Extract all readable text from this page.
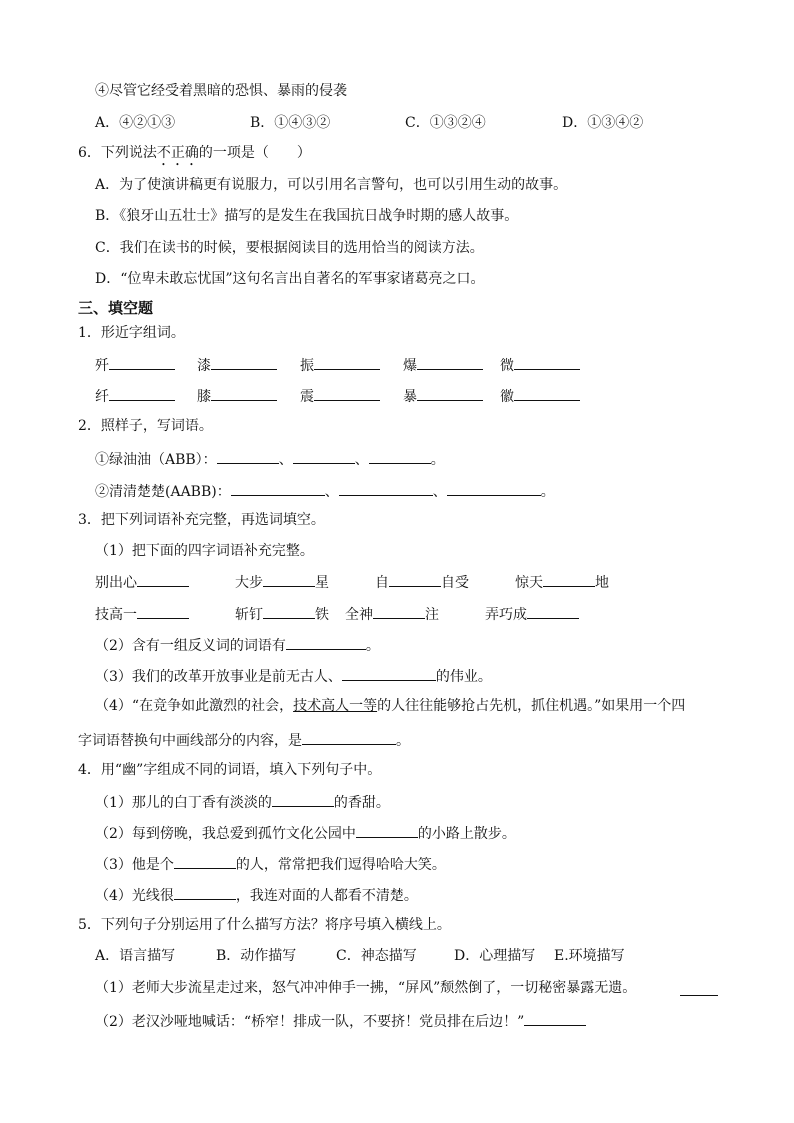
④尽管它经受着黑暗的恐惧、暴雨的侵袭
A．④②①③	B．①④③②	C．①③②④	D．①③④②
6．下列说法不正确的一项是（　　）
A．为了使演讲稿更有说服力，可以引用名言警句，也可以引用生动的故事。
B．《狼牙山五壮士》描写的是发生在我国抗日战争时期的感人故事。
C．我们在读书的时候，要根据阅读目的选用恰当的阅读方法。
D．“位卑未敢忘忧国”这句名言出自著名的军事家诸葛亮之口。
三、填空题
1．形近字组词。
歼	漆	振	爆	微
纤	膝	震	暴	徽
2．照样子，写词语。
①绿油油（ABB）：	、	、	。
②清清楚楚(AABB)：	、	、	。
3．把下列词语补充完整，再选词填空。
（1）把下面的四字词语补充完整。
别出心	大步	星	自	自受	惊天	地
技高一	斩钉	铁 全神	注	弄巧成
（2）含有一组反义词的词语有	。
（3）我们的改革开放事业是前无古人、	的伟业。
（4）“在竞争如此激烈的社会，技术高人一等的人往往能够抢占先机，抓住机遇。”如果用一个四
字词语替换句中画线部分的内容，是	。
4．用“幽”字组成不同的词语，填入下列句子中。
（1）那儿的白丁香有淡淡的	的香甜。
（2）每到傍晚，我总爱到孤竹文化公园中	的小路上散步。
（3）他是个	的人，常常把我们逗得哈哈大笑。
（4）光线很	，我连对面的人都看不清楚。
5．下列句子分别运用了什么描写方法？将序号填入横线上。
A．语言描写	B．动作描写	C．神态描写	D．心理描写 E.环境描写
（1）老师大步流星走过来，怒气冲冲伸手一拂，“屏风”颓然倒了，一切秘密暴露无遗。
（2）老汉沙哑地喊话：“桥窄！排成一队，不要挤！党员排在后边！”
